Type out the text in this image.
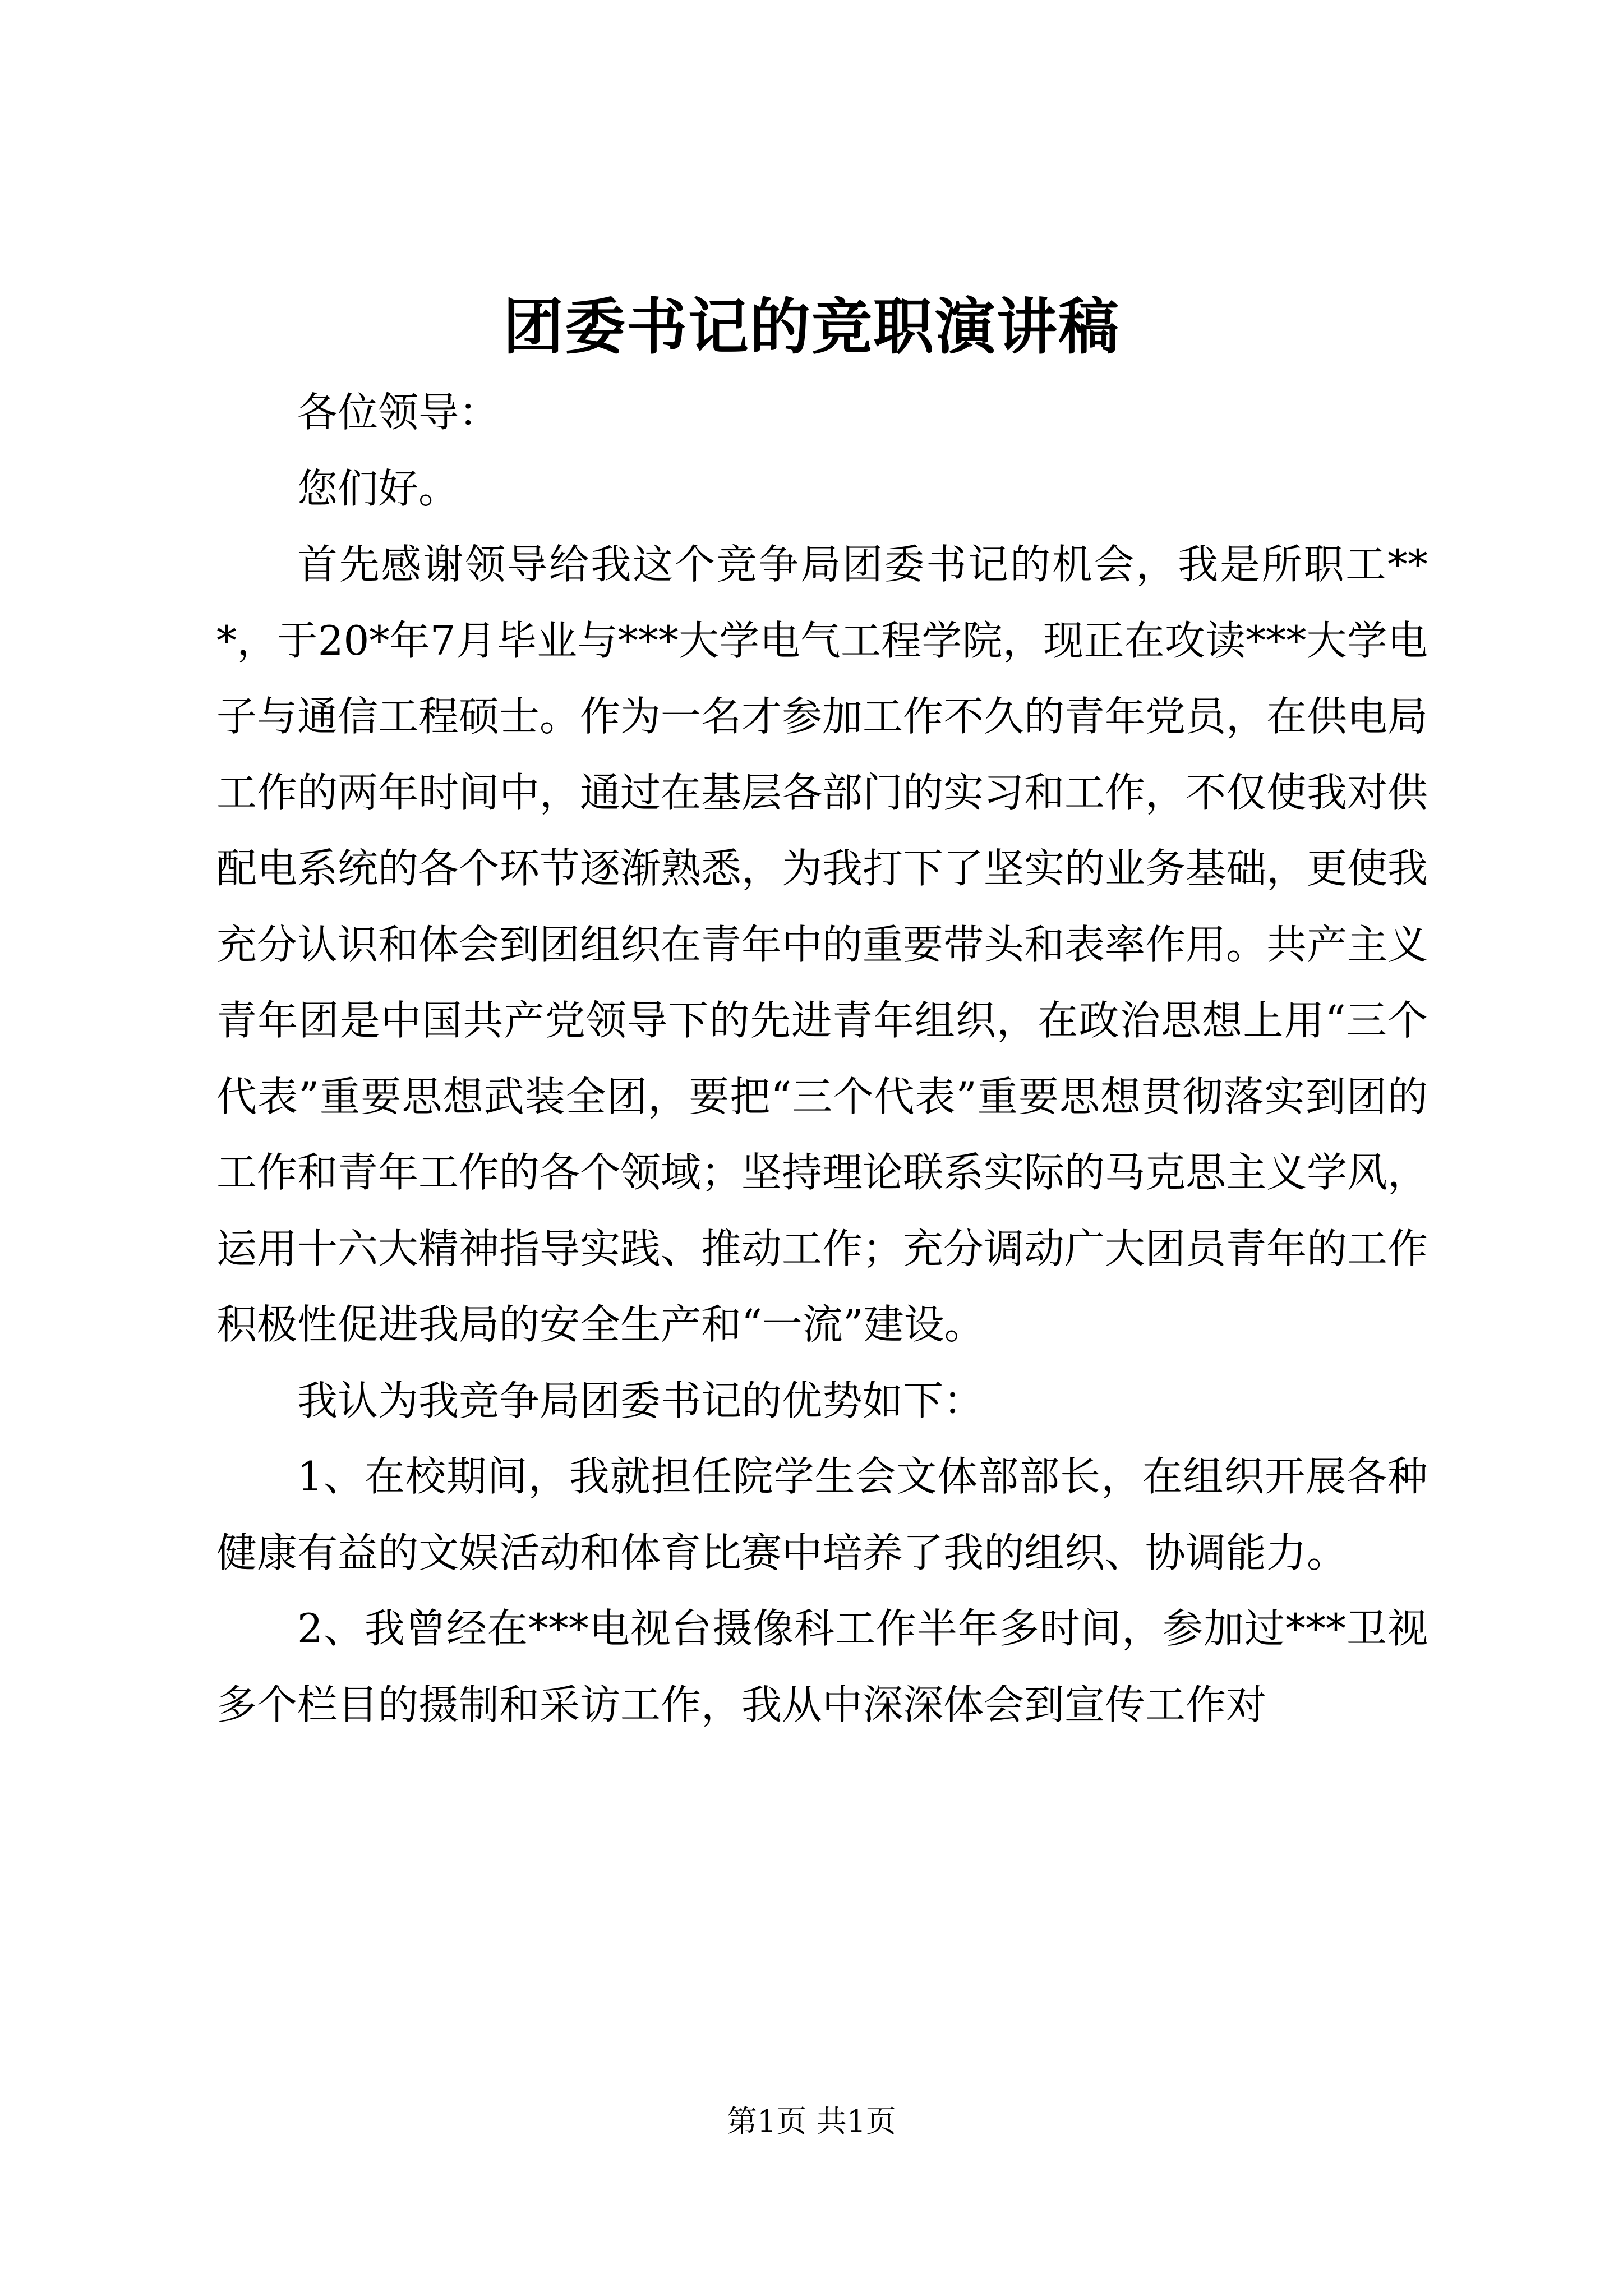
团委书记的竞职演讲稿

各位领导：

您们好。

首先感谢领导给我这个竞争局团委书记的机会，我是所职工***，于20*年7月毕业与***大学电气工程学院，现正在攻读***大学电子与通信工程硕士。作为一名才参加工作不久的青年党员，在供电局工作的两年时间中，通过在基层各部门的实习和工作，不仅使我对供配电系统的各个环节逐渐熟悉，为我打下了坚实的业务基础，更使我充分认识和体会到团组织在青年中的重要带头和表率作用。共产主义青年团是中国共产党领导下的先进青年组织，在政治思想上用“三个代表”重要思想武装全团，要把“三个代表”重要思想贯彻落实到团的工作和青年工作的各个领域；坚持理论联系实际的马克思主义学风，运用十六大精神指导实践、推动工作；充分调动广大团员青年的工作积极性促进我局的安全生产和“一流”建设。

我认为我竞争局团委书记的优势如下：

1、在校期间，我就担任院学生会文体部部长，在组织开展各种健康有益的文娱活动和体育比赛中培养了我的组织、协调能力。

2、我曾经在***电视台摄像科工作半年多时间，参加过***卫视多个栏目的摄制和采访工作，我从中深深体会到宣传工作对

第1页 共1页
